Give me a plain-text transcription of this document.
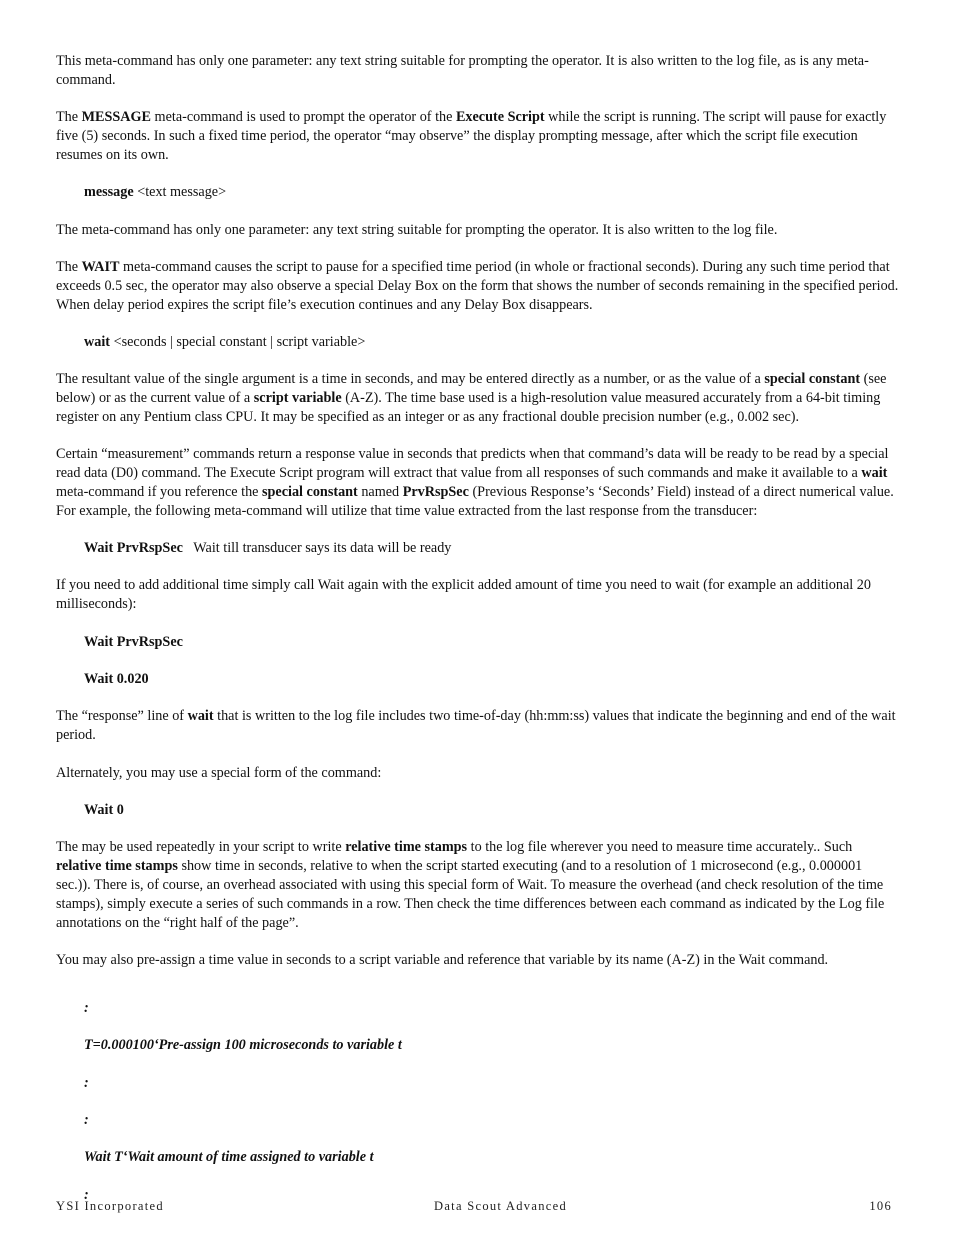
This meta-command has only one parameter: any text string suitable for prompting the operator. It is also written to the log file, as is any meta-command.

The MESSAGE meta-command is used to prompt the operator of the Execute Script while the script is running. The script will pause for exactly five (5) seconds. In such a fixed time period, the operator “may observe” the display prompting message, after which the script file execution resumes on its own.

message <text message>

The meta-command has only one parameter: any text string suitable for prompting the operator. It is also written to the log file.

The WAIT meta-command causes the script to pause for a specified time period (in whole or fractional seconds). During any such time period that exceeds 0.5 sec, the operator may also observe a special Delay Box on the form that shows the number of seconds remaining in the specified period. When delay period expires the script file’s execution continues and any Delay Box disappears.

wait <seconds | special constant | script variable>

The resultant value of the single argument is a time in seconds, and may be entered directly as a number, or as the value of a special constant (see below) or as the current value of a script variable (A-Z). The time base used is a high-resolution value measured accurately from a 64-bit timing register on any Pentium class CPU. It may be specified as an integer or as any fractional double precision number (e.g., 0.002 sec).

Certain “measurement” commands return a response value in seconds that predicts when that command’s data will be ready to be read by a special read data (D0) command. The Execute Script program will extract that value from all responses of such commands and make it available to a wait meta-command if you reference the special constant named PrvRspSec (Previous Response’s ‘Seconds’ Field) instead of a direct numerical value. For example, the following meta-command will utilize that time value extracted from the last response from the transducer:

Wait PrvRspSec   Wait till transducer says its data will be ready

If you need to add additional time simply call Wait again with the explicit added amount of time you need to wait (for example an additional 20 milliseconds):

Wait PrvRspSec

Wait 0.020

The “response” line of wait that is written to the log file includes two time-of-day (hh:mm:ss) values that indicate the beginning and end of the wait period.

Alternately, you may use a special form of the command:

Wait 0

The may be used repeatedly in your script to write relative time stamps to the log file wherever you need to measure time accurately.. Such relative time stamps show time in seconds, relative to when the script started executing (and to a resolution of 1 microsecond (e.g., 0.000001 sec.)). There is, of course, an overhead associated with using this special form of Wait. To measure the overhead (and check resolution of the time stamps), simply execute a series of such commands in a row. Then check the time differences between each command as indicated by the Log file annotations on the “right half of the page”.

You may also pre-assign a time value in seconds to a script variable and reference that variable by its name (A-Z) in the Wait command.

:

T=0.000100‘Pre-assign 100 microseconds to variable t

:

:

Wait T‘Wait amount of time assigned to variable t

:

YSI Incorporated	Data Scout Advanced	106
